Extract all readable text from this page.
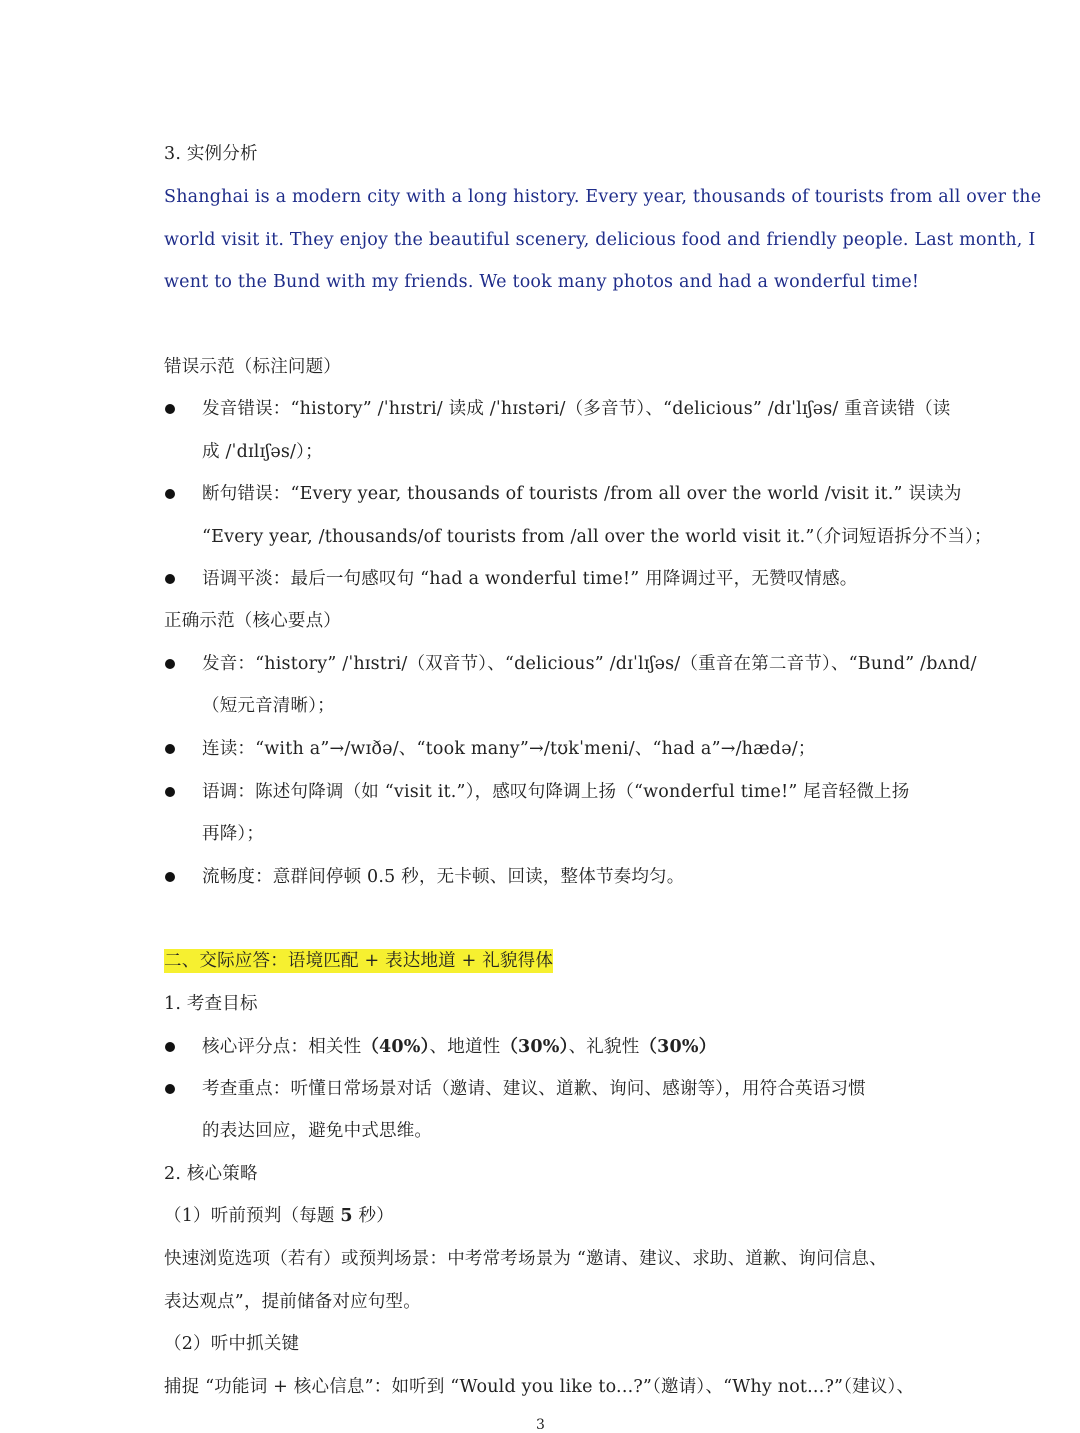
3. 实例分析
Shanghai is a modern city with a long history. Every year, thousands of tourists from all over the
world visit it. They enjoy the beautiful scenery, delicious food and friendly people. Last month, I
went to the Bund with my friends. We took many photos and had a wonderful time!
错误示范（标注问题）
发音错误：“history” /ˈhɪstri/ 读成 /ˈhɪstəri/（多音节）、“delicious” /dɪˈlɪʃəs/ 重音读错（读
成 /ˈdɪlɪʃəs/）；
断句错误：“Every year, thousands of tourists /from all over the world /visit it.” 误读为
“Every year, /thousands/of tourists from /all over the world visit it.”（介词短语拆分不当）；
语调平淡：最后一句感叹句 “had a wonderful time!” 用降调过平，无赞叹情感。
正确示范（核心要点）
发音：“history” /ˈhɪstri/（双音节）、“delicious” /dɪˈlɪʃəs/（重音在第二音节）、“Bund” /bʌnd/
（短元音清晰）；
连读：“with a”→/wɪðə/、“took many”→/tʊkˈmeni/、“had a”→/hædə/；
语调：陈述句降调（如 “visit it.”），感叹句降调上扬（“wonderful time!” 尾音轻微上扬
再降）；
流畅度：意群间停顿 0.5 秒，无卡顿、回读，整体节奏均匀。
二、交际应答：语境匹配 + 表达地道 + 礼貌得体
1. 考查目标
核心评分点：相关性（40%）、地道性（30%）、礼貌性（30%）
考查重点：听懂日常场景对话（邀请、建议、道歉、询问、感谢等），用符合英语习惯
的表达回应，避免中式思维。
2. 核心策略
（1）听前预判（每题 5 秒）
快速浏览选项（若有）或预判场景：中考常考场景为 “邀请、建议、求助、道歉、询问信息、
表达观点”，提前储备对应句型。
（2）听中抓关键
捕捉 “功能词 + 核心信息”：如听到 “Would you like to...?”（邀请）、“Why not...?”（建议）、
3
